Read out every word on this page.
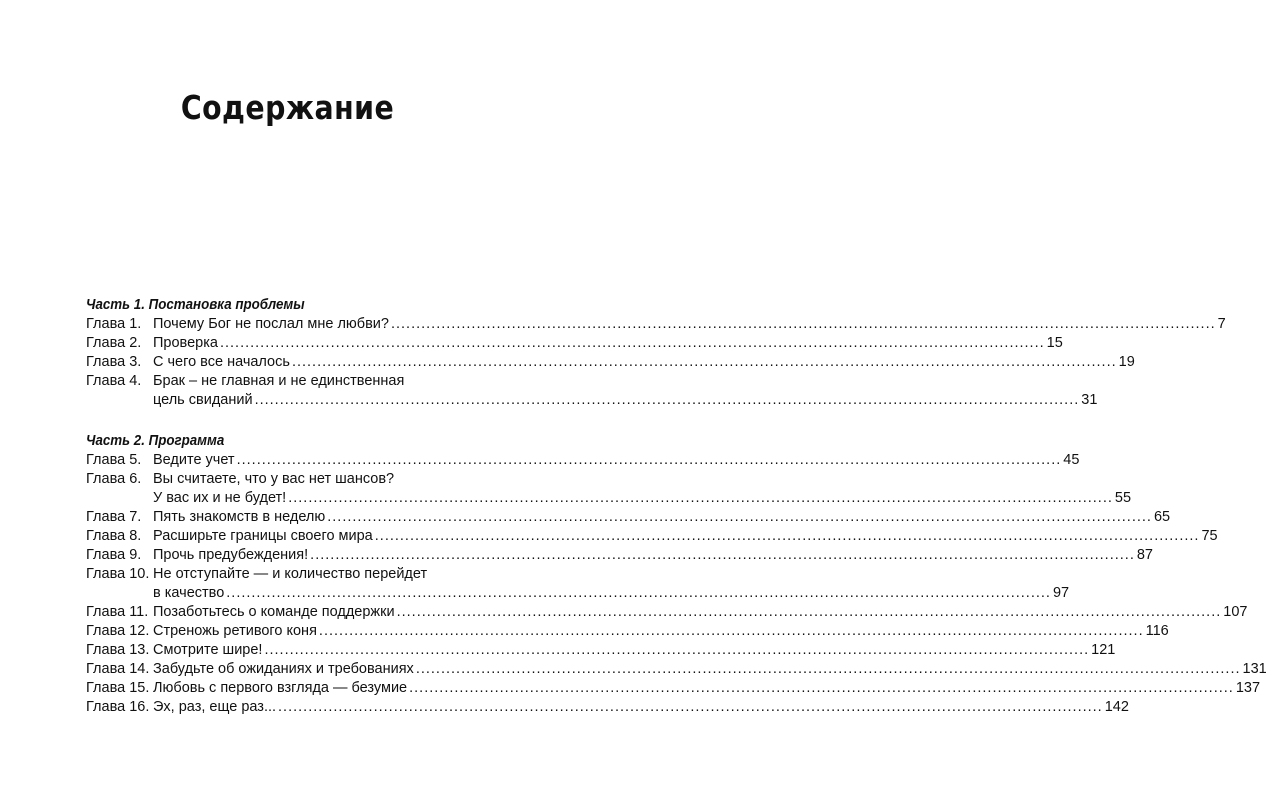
Содержание
Часть 1. Постановка проблемы
Глава 1. Почему Бог не послал мне любви? .....	7
Глава 2. Проверка .....	15
Глава 3. С чего все началось .....	19
Глава 4. Брак – не главная и не единственная
цель свиданий .....	31
Часть 2. Программа
Глава 5. Ведите учет .....	45
Глава 6. Вы считаете, что у вас нет шансов?
У вас их и не будет! .....	55
Глава 7. Пять знакомств в неделю .....	65
Глава 8. Расширьте границы своего мира .....	75
Глава 9. Прочь предубеждения! .....	87
Глава 10. Не отступайте — и количество перейдет
в качество .....	97
Глава 11. Позаботьтесь о команде поддержки .....	107
Глава 12. Стреножь ретивого коня .....	116
Глава 13. Смотрите шире! .....	121
Глава 14. Забудьте об ожиданиях и требованиях .....	131
Глава 15. Любовь с первого взгляда — безумие .....	137
Глава 16. Эх, раз, еще раз... .....	142
